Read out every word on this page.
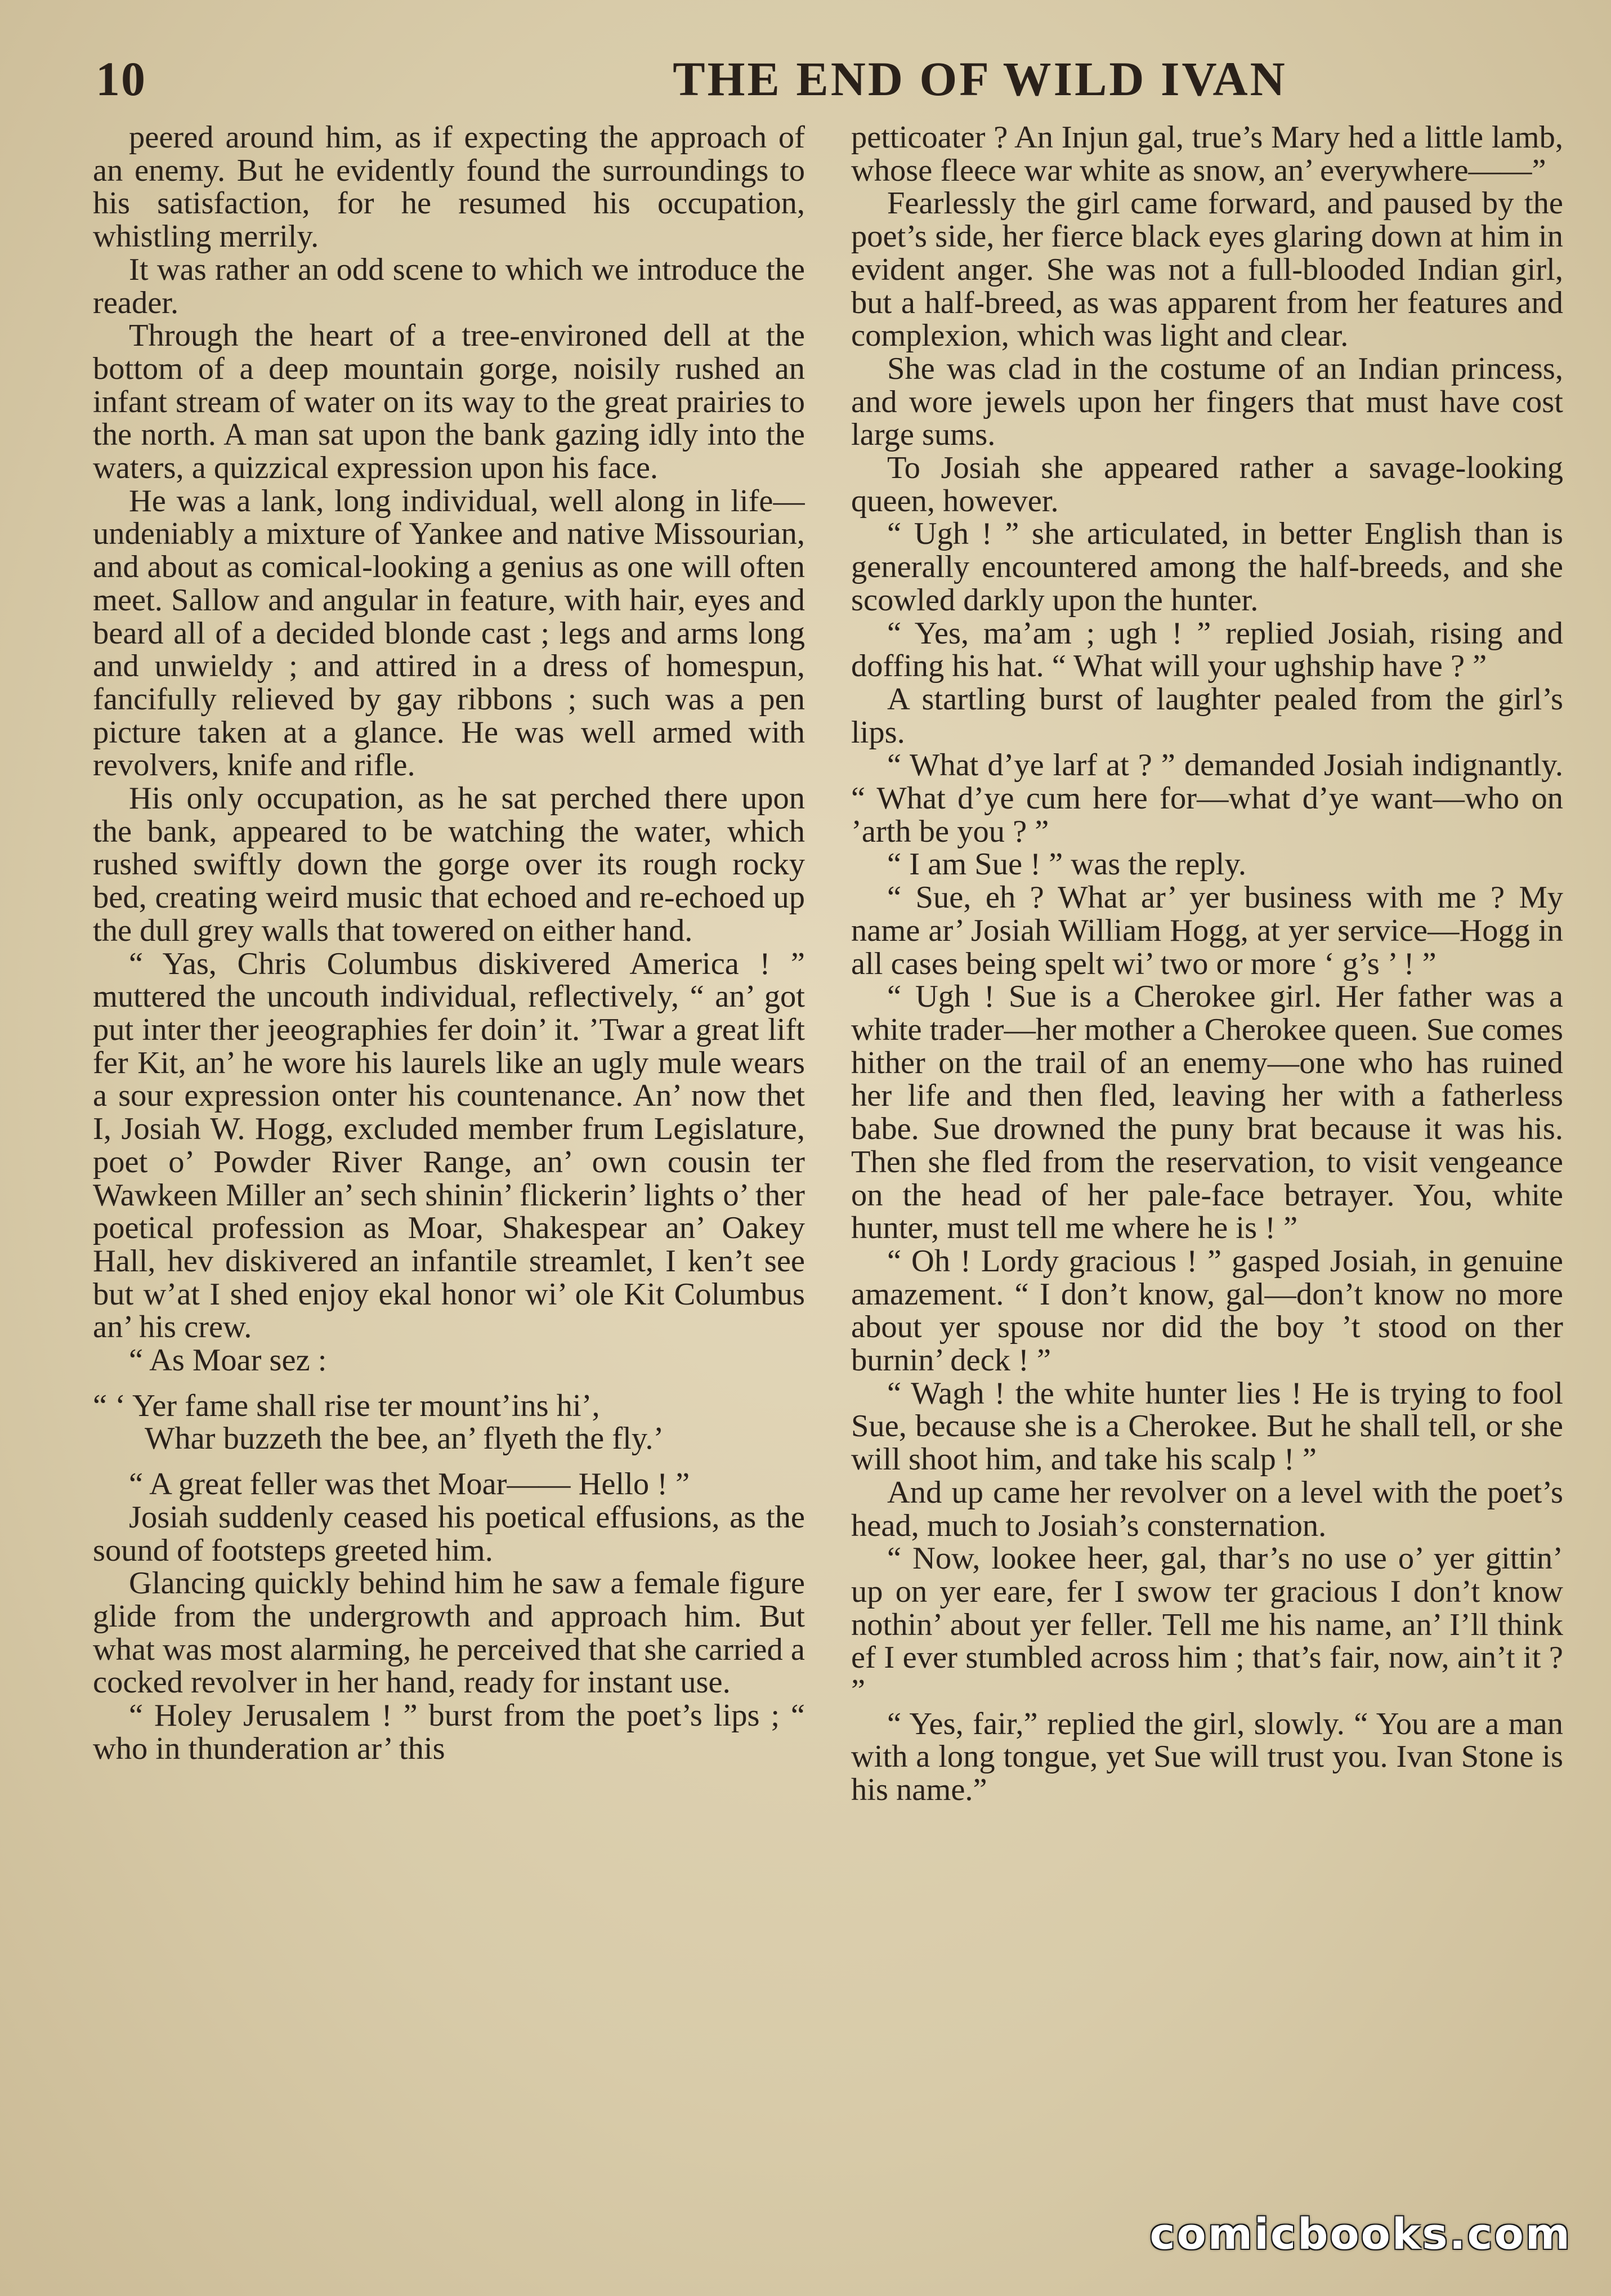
10	THE END OF WILD IVAN

peered around him, as if expecting the approach of an enemy. But he evidently found the surroundings to his satisfaction, for he resumed his occupation, whistling merrily.

It was rather an odd scene to which we introduce the reader.

Through the heart of a tree-environed dell at the bottom of a deep mountain gorge, noisily rushed an infant stream of water on its way to the great prairies to the north. A man sat upon the bank gazing idly into the waters, a quizzical expression upon his face.

He was a lank, long individual, well along in life—undeniably a mixture of Yankee and native Missourian, and about as comical-looking a genius as one will often meet. Sallow and angular in feature, with hair, eyes and beard all of a decided blonde cast ; legs and arms long and unwieldy ; and attired in a dress of homespun, fancifully relieved by gay ribbons ; such was a pen picture taken at a glance. He was well armed with revolvers, knife and rifle.

His only occupation, as he sat perched there upon the bank, appeared to be watching the water, which rushed swiftly down the gorge over its rough rocky bed, creating weird music that echoed and re-echoed up the dull grey walls that towered on either hand.

“ Yas, Chris Columbus diskivered America ! ” muttered the uncouth individual, reflectively, “ an’ got put inter ther jeeographies fer doin’ it. ’Twar a great lift fer Kit, an’ he wore his laurels like an ugly mule wears a sour expression onter his countenance. An’ now thet I, Josiah W. Hogg, excluded member frum Legislature, poet o’ Powder River Range, an’ own cousin ter Wawkeen Miller an’ sech shinin’ flickerin’ lights o’ ther poetical profession as Moar, Shakespear an’ Oakey Hall, hev diskivered an infantile streamlet, I ken’t see but w’at I shed enjoy ekal honor wi’ ole Kit Columbus an’ his crew.

“ As Moar sez :

“ ‘ Yer fame shall rise ter mount’ins hi’,
Whar buzzeth the bee, an’ flyeth the fly.’

“ A great feller was thet Moar—— Hello ! ”

Josiah suddenly ceased his poetical effusions, as the sound of footsteps greeted him.

Glancing quickly behind him he saw a female figure glide from the undergrowth and approach him. But what was most alarming, he perceived that she carried a cocked revolver in her hand, ready for instant use.

“ Holey Jerusalem ! ” burst from the poet’s lips ; “ who in thunderation ar’ this

petticoater ? An Injun gal, true’s Mary hed a little lamb, whose fleece war white as snow, an’ everywhere——”

Fearlessly the girl came forward, and paused by the poet’s side, her fierce black eyes glaring down at him in evident anger. She was not a full-blooded Indian girl, but a half-breed, as was apparent from her features and complexion, which was light and clear.

She was clad in the costume of an Indian princess, and wore jewels upon her fingers that must have cost large sums.

To Josiah she appeared rather a savage-looking queen, however.

“ Ugh ! ” she articulated, in better English than is generally encountered among the half-breeds, and she scowled darkly upon the hunter.

“ Yes, ma’am ; ugh ! ” replied Josiah, rising and doffing his hat. “ What will your ughship have ? ”

A startling burst of laughter pealed from the girl’s lips.

“ What d’ye larf at ? ” demanded Josiah indignantly. “ What d’ye cum here for—what d’ye want—who on ’arth be you ? ”

“ I am Sue ! ” was the reply.

“ Sue, eh ? What ar’ yer business with me ? My name ar’ Josiah William Hogg, at yer service—Hogg in all cases being spelt wi’ two or more ‘ g’s ’ ! ”

“ Ugh ! Sue is a Cherokee girl. Her father was a white trader—her mother a Cherokee queen. Sue comes hither on the trail of an enemy—one who has ruined her life and then fled, leaving her with a fatherless babe. Sue drowned the puny brat because it was his. Then she fled from the reservation, to visit vengeance on the head of her pale-face betrayer. You, white hunter, must tell me where he is ! ”

“ Oh ! Lordy gracious ! ” gasped Josiah, in genuine amazement. “ I don’t know, gal—don’t know no more about yer spouse nor did the boy ’t stood on ther burnin’ deck ! ”

“ Wagh ! the white hunter lies ! He is trying to fool Sue, because she is a Cherokee. But he shall tell, or she will shoot him, and take his scalp ! ”

And up came her revolver on a level with the poet’s head, much to Josiah’s consternation.

“ Now, lookee heer, gal, thar’s no use o’ yer gittin’ up on yer eare, fer I swow ter gracious I don’t know nothin’ about yer feller. Tell me his name, an’ I’ll think ef I ever stumbled across him ; that’s fair, now, ain’t it ? ”

“ Yes, fair,” replied the girl, slowly. “ You are a man with a long tongue, yet Sue will trust you. Ivan Stone is his name.”

comicbooks.com
